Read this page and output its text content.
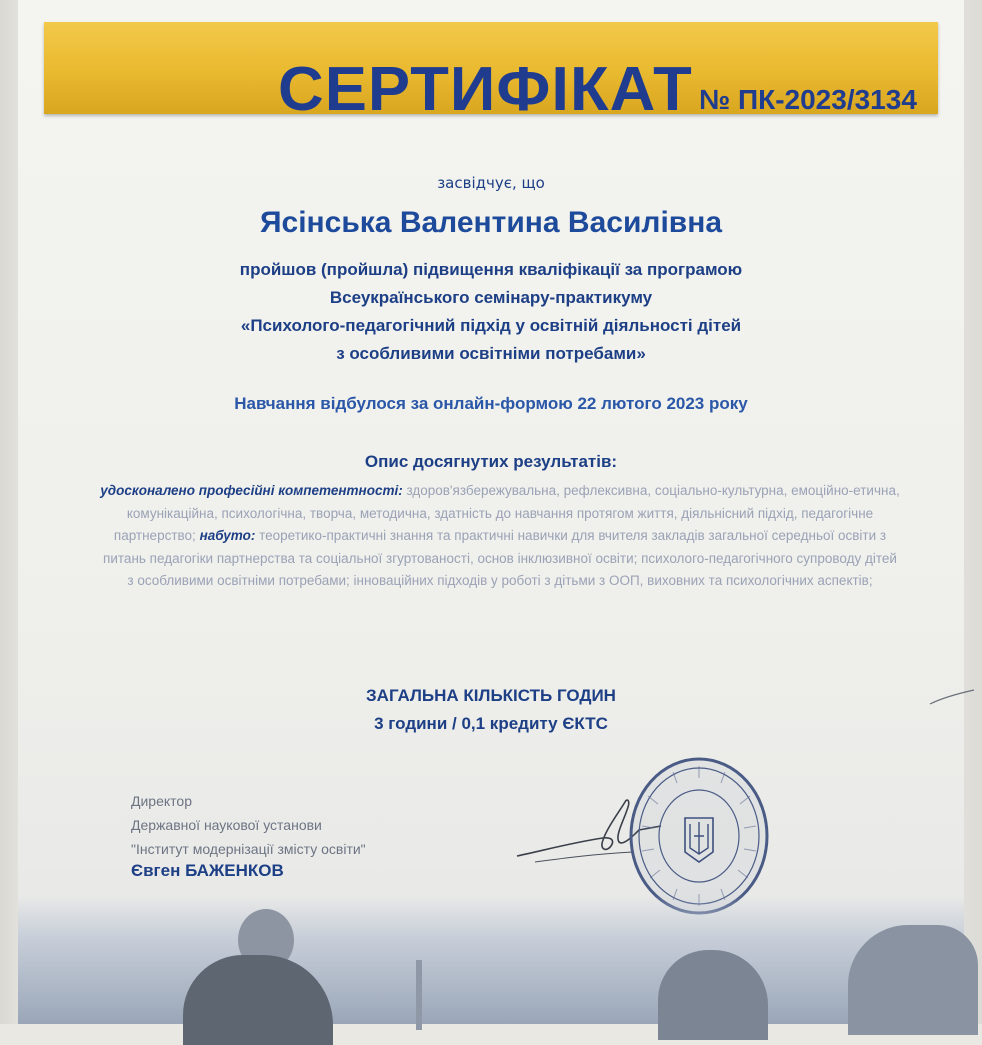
СЕРТИФІКАТ № ПК-2023/3134
засвідчує, що
Ясінська Валентина Василівна
пройшов (пройшла) підвищення кваліфікації за програмою
Всеукраїнського семінару-практикуму
«Психолого-педагогічний підхід у освітній діяльності дітей
з особливими освітніми потребами»
Навчання відбулося за онлайн-формою 22 лютого 2023 року
Опис досягнутих результатів:
удосконалено професійні компетентності: здоров'язбережувальна, рефлексивна, соціально-культурна, емоційно-етична, комунікаційна, психологічна, творча, методична, здатність до навчання протягом життя, діяльнісний підхід, педагогічне партнерство; набуто: теоретико-практичні знання та практичні навички для вчителя закладів загальної середньої освіти з питань педагогіки партнерства та соціальної згуртованості, основ інклюзивної освіти; психолого-педагогічного супроводу дітей з особливими освітніми потребами; інноваційних підходів у роботі з дітьми з ООП, виховних та психологічних аспектів;
ЗАГАЛЬНА КІЛЬКІСТЬ ГОДИН
3 години / 0,1 кредиту ЄКТС
Директор
Державної наукової установи
"Інститут модернізації змісту освіти"
Євген БАЖЕНКОВ
